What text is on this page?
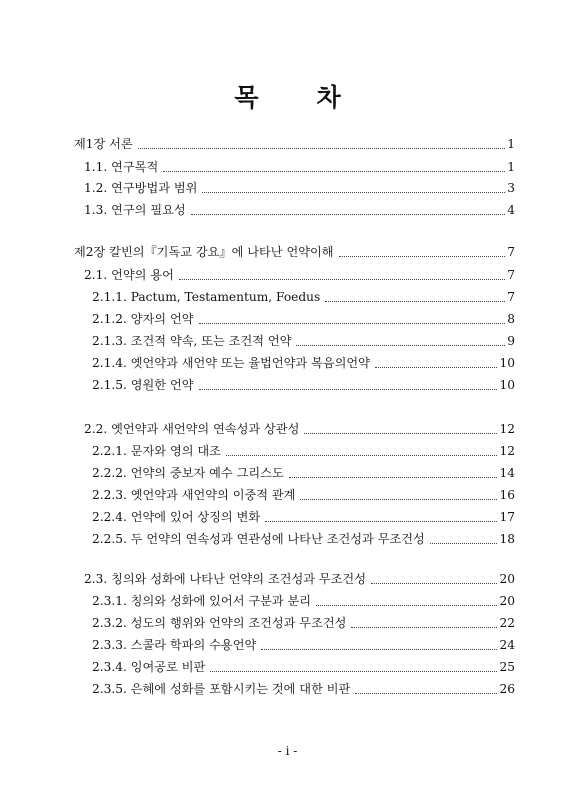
목 차
제1장 서론	1
1.1. 연구목적	1
1.2. 연구방법과 범위	3
1.3. 연구의 필요성	4
제2장 칼빈의『기독교 강요』에 나타난 언약이해	7
2.1. 언약의 용어	7
2.1.1. Pactum, Testamentum, Foedus	7
2.1.2. 양자의 언약	8
2.1.3. 조건적 약속, 또는 조건적 언약	9
2.1.4. 옛언약과 새언약 또는 율법언약과 복음의언약	10
2.1.5. 영원한 언약	10
2.2. 옛언약과 새언약의 연속성과 상관성	12
2.2.1. 문자와 영의 대조	12
2.2.2. 언약의 중보자 예수 그리스도	14
2.2.3. 옛언약과 새언약의 이중적 관계	16
2.2.4. 언약에 있어 상징의 변화	17
2.2.5. 두 언약의 연속성과 연관성에 나타난 조건성과 무조건성	18
2.3. 칭의와 성화에 나타난 언약의 조건성과 무조건성	20
2.3.1. 칭의와 성화에 있어서 구분과 분리	20
2.3.2. 성도의 행위와 언약의 조건성과 무조건성	22
2.3.3. 스콜라 학파의 수용언약	24
2.3.4. 잉여공로 비판	25
2.3.5. 은혜에 성화를 포함시키는 것에 대한 비판	26
- i -
